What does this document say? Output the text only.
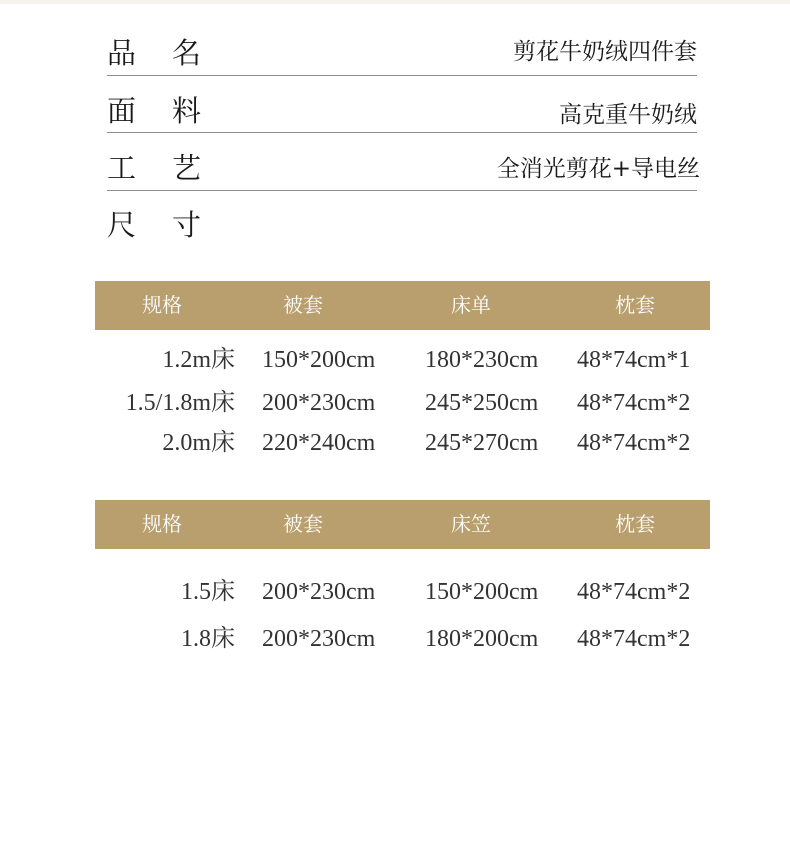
品名	剪花牛奶绒四件套
面料	高克重牛奶绒
工艺	全消光剪花+导电丝
尺寸
规格	被套	床单	枕套
1.2m床 150*200cm 180*230cm 48*74cm*1
1.5/1.8m床 200*230cm 245*250cm 48*74cm*2
2.0m床 220*240cm 245*270cm 48*74cm*2
规格	被套	床笠	枕套
1.5床 200*230cm 150*200cm 48*74cm*2
1.8床 200*230cm 180*200cm 48*74cm*2
